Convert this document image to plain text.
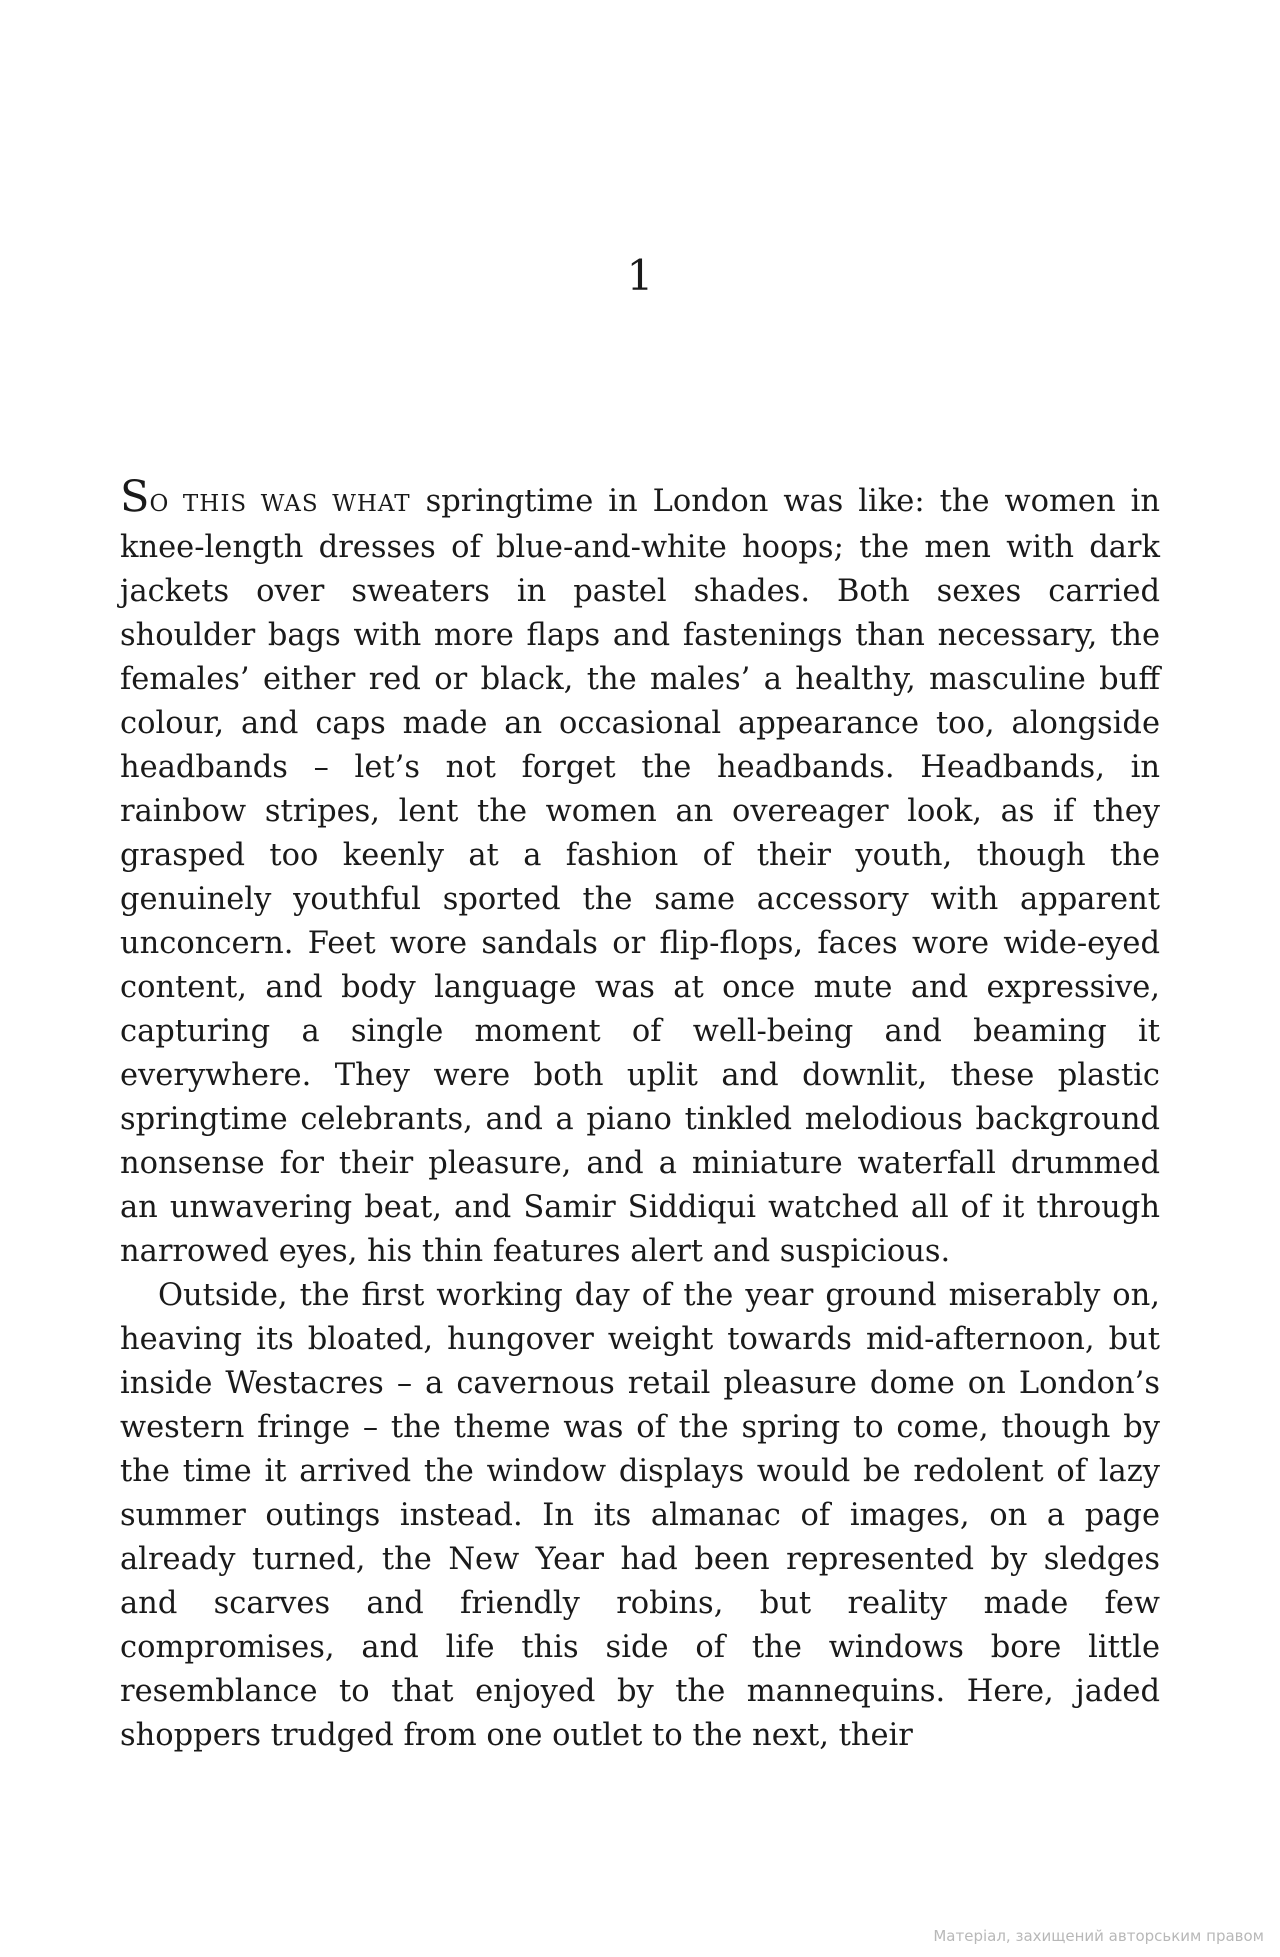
1

SO THIS WAS WHAT springtime in London was like: the women in knee-length dresses of blue-and-white hoops; the men with dark jackets over sweaters in pastel shades. Both sexes carried shoulder bags with more flaps and fastenings than necessary, the females’ either red or black, the males’ a healthy, masculine buff colour, and caps made an occasional appearance too, alongside headbands – let’s not forget the headbands. Headbands, in rainbow stripes, lent the women an overeager look, as if they grasped too keenly at a fashion of their youth, though the genuinely youthful sported the same accessory with apparent unconcern. Feet wore sandals or flip-flops, faces wore wide-eyed content, and body language was at once mute and expressive, capturing a single moment of well-being and beaming it everywhere. They were both uplit and downlit, these plastic springtime celebrants, and a piano tinkled melodious background nonsense for their pleasure, and a miniature waterfall drummed an unwavering beat, and Samir Siddiqui watched all of it through narrowed eyes, his thin features alert and suspicious.

Outside, the first working day of the year ground miserably on, heaving its bloated, hungover weight towards mid-afternoon, but inside Westacres – a cavernous retail pleasure dome on London’s western fringe – the theme was of the spring to come, though by the time it arrived the window displays would be redolent of lazy summer outings instead. In its almanac of images, on a page already turned, the New Year had been represented by sledges and scarves and friendly robins, but reality made few compromises, and life this side of the windows bore little resemblance to that enjoyed by the mannequins. Here, jaded shoppers trudged from one outlet to the next, their

Матеріал, захищений авторським правом
